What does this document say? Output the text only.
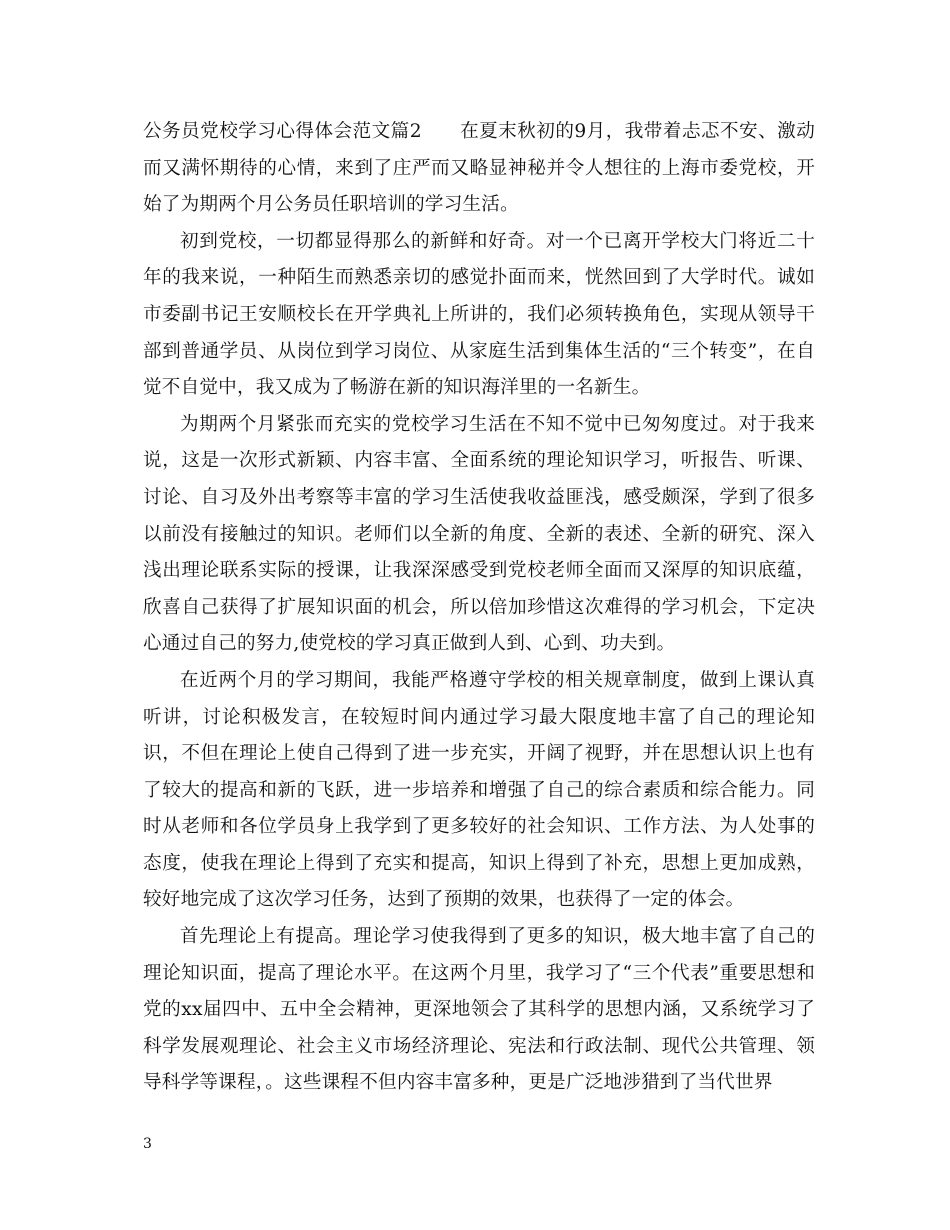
公务员党校学习心得体会范文篇2　　在夏末秋初的9月，我带着忐忑不安、激动而又满怀期待的心情，来到了庄严而又略显神秘并令人想往的上海市委党校，开始了为期两个月公务员任职培训的学习生活。

初到党校，一切都显得那么的新鲜和好奇。对一个已离开学校大门将近二十年的我来说，一种陌生而熟悉亲切的感觉扑面而来，恍然回到了大学时代。诚如市委副书记王安顺校长在开学典礼上所讲的，我们必须转换角色，实现从领导干部到普通学员、从岗位到学习岗位、从家庭生活到集体生活的“三个转变”，在自觉不自觉中，我又成为了畅游在新的知识海洋里的一名新生。

为期两个月紧张而充实的党校学习生活在不知不觉中已匆匆度过。对于我来说，这是一次形式新颖、内容丰富、全面系统的理论知识学习，听报告、听课、讨论、自习及外出考察等丰富的学习生活使我收益匪浅，感受颇深，学到了很多以前没有接触过的知识。老师们以全新的角度、全新的表述、全新的研究、深入浅出理论联系实际的授课，让我深深感受到党校老师全面而又深厚的知识底蕴，欣喜自己获得了扩展知识面的机会，所以倍加珍惜这次难得的学习机会，下定决心通过自己的努力,使党校的学习真正做到人到、心到、功夫到。

在近两个月的学习期间，我能严格遵守学校的相关规章制度，做到上课认真听讲，讨论积极发言，在较短时间内通过学习最大限度地丰富了自己的理论知识，不但在理论上使自己得到了进一步充实，开阔了视野，并在思想认识上也有了较大的提高和新的飞跃，进一步培养和增强了自己的综合素质和综合能力。同时从老师和各位学员身上我学到了更多较好的社会知识、工作方法、为人处事的态度，使我在理论上得到了充实和提高，知识上得到了补充，思想上更加成熟，较好地完成了这次学习任务，达到了预期的效果，也获得了一定的体会。

首先理论上有提高。理论学习使我得到了更多的知识，极大地丰富了自己的理论知识面，提高了理论水平。在这两个月里，我学习了“三个代表”重要思想和党的xx届四中、五中全会精神，更深地领会了其科学的思想内涵，又系统学习了科学发展观理论、社会主义市场经济理论、宪法和行政法制、现代公共管理、领导科学等课程，。这些课程不但内容丰富多种，更是广泛地涉猎到了当代世界

3
